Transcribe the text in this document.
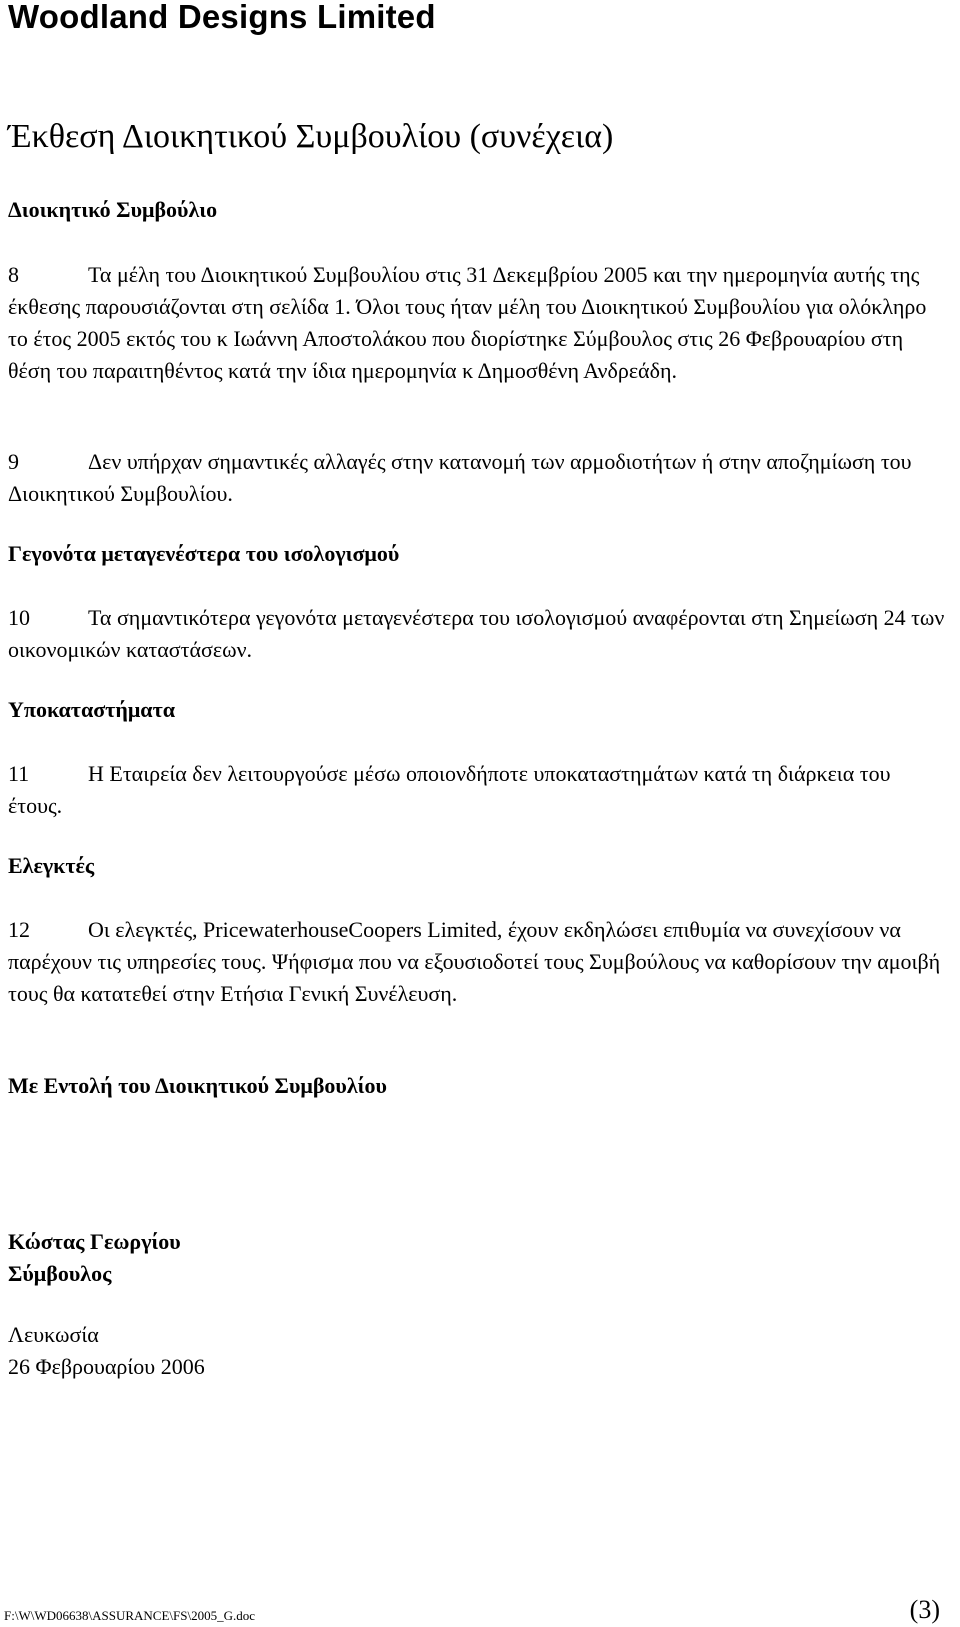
Woodland Designs Limited
Έκθεση Διοικητικού Συμβουλίου (συνέχεια)
Διοικητικό Συμβούλιο
8	Τα μέλη του Διοικητικού Συμβουλίου στις 31 Δεκεμβρίου 2005 και την ημερομηνία αυτής της έκθεσης παρουσιάζονται στη σελίδα 1. Όλοι τους ήταν μέλη του Διοικητικού Συμβουλίου για ολόκληρο το έτος 2005 εκτός του κ Ιωάννη Αποστολάκου που διορίστηκε Σύμβουλος στις 26 Φεβρουαρίου στη θέση του παραιτηθέντος κατά την ίδια ημερομηνία κ Δημοσθένη Ανδρεάδη.
9	Δεν υπήρχαν σημαντικές αλλαγές στην κατανομή των αρμοδιοτήτων ή στην αποζημίωση του Διοικητικού Συμβουλίου.
Γεγονότα μεταγενέστερα του ισολογισμού
10	Τα σημαντικότερα γεγονότα μεταγενέστερα του ισολογισμού αναφέρονται στη Σημείωση 24 των οικονομικών καταστάσεων.
Υποκαταστήματα
11	Η Εταιρεία δεν λειτουργούσε μέσω οποιονδήποτε υποκαταστημάτων κατά τη διάρκεια του έτους.
Ελεγκτές
12	Οι ελεγκτές, PricewaterhouseCoopers Limited, έχουν εκδηλώσει επιθυμία να συνεχίσουν να παρέχουν τις υπηρεσίες τους. Ψήφισμα που να εξουσιοδοτεί τους Συμβούλους να καθορίσουν την αμοιβή τους θα κατατεθεί στην Ετήσια Γενική Συνέλευση.
Με Εντολή του Διοικητικού Συμβουλίου
Κώστας Γεωργίου
Σύμβουλος
Λευκωσία
26 Φεβρουαρίου 2006
F:\W\WD06638\ASSURANCE\FS\2005_G.doc	(3)
